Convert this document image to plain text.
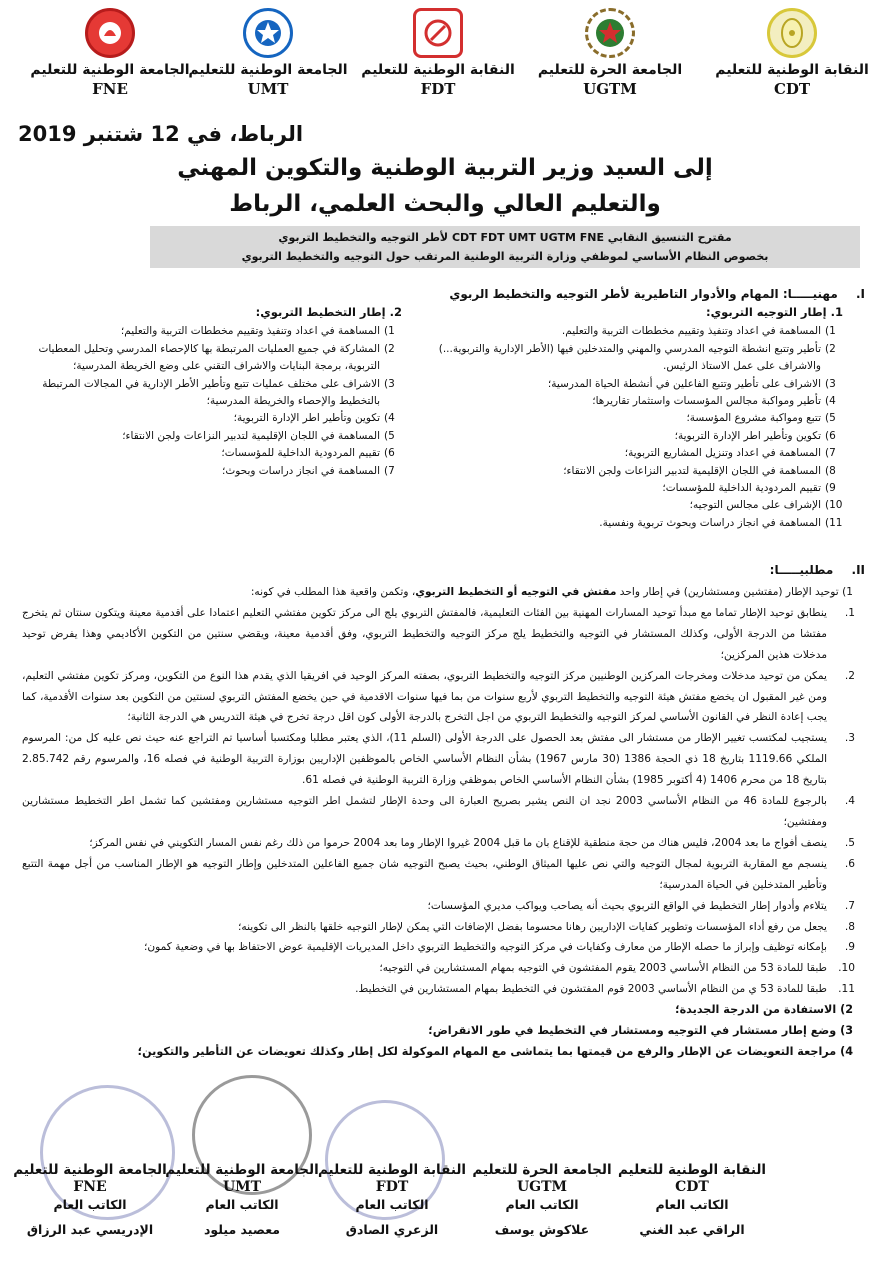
النقابة الوطنية للتعليم
CDT
الجامعة الحرة للتعليم
UGTM
النقابة الوطنية للتعليم
FDT
الجامعة الوطنية للتعليم
UMT
الجامعة الوطنية للتعليم
FNE
الرباط، في 12 شتنبر 2019
إلى السيد وزير التربية الوطنية والتكوين المهني
والتعليم العالي والبحث العلمي، الرباط
مقترح التنسيق النقابي CDT FDT UMT UGTM FNE لأطر التوجيه والتخطيط التربوي
بخصوص النظام الأساسي لموظفي وزارة التربية الوطنية المرتقب حول التوجيه والتخطيط التربوي
I. مهنيـــــا: المهام والأدوار التاطيرية لأطر التوجيه والتخطيط الربوي
1. إطار التوجيه التربوي:
1)
المساهمة في اعداد وتنفيذ وتقييم مخططات التربية والتعليم.
2)
تأطير وتتبع انشطة التوجيه المدرسي والمهني والمتدخلين فيها (الأطر الإدارية والتربوية...) والاشراف على عمل الاستاذ الرئيس.
3)
الاشراف على تأطير وتتبع الفاعلين في أنشطة الحياة المدرسية؛
4)
تأطير ومواكبة مجالس المؤسسات واستثمار تقاريرها؛
5)
تتبع ومواكبة مشروع المؤسسة؛
6)
تكوين وتأطير اطر الإدارة التربوية؛
7)
المساهمة في اعداد وتنزيل المشاريع التربوية؛
8)
المساهمة في اللجان الإقليمية لتدبير النزاعات ولجن الانتقاء؛
9)
تقييم المردودية الداخلية للمؤسسات؛
10)
الإشراف على مجالس التوجيه؛
11)
المساهمة في انجاز دراسات وبحوث تربوية ونفسية.
2. إطار التخطيط التربوي:
1)
المساهمة في اعداد وتنفيذ وتقييم مخططات التربية والتعليم؛
2)
المشاركة في جميع العمليات المرتبطة بها كالإحصاء المدرسي وتحليل المعطيات التربوية، برمجة البنايات والاشراف التقني على وضع الخريطة المدرسية؛
3)
الاشراف على مختلف عمليات تتبع وتأطير الأطر الإدارية في المجالات المرتبطة بالتخطيط والإحصاء والخريطة المدرسية؛
4)
تكوين وتأطير اطر الإدارة التربوية؛
5)
المساهمة في اللجان الإقليمية لتدبير النزاعات ولجن الانتقاء؛
6)
تقييم المردودية الداخلية للمؤسسات؛
7)
المساهمة في انجاز دراسات وبحوث؛
II. مطلبيـــــا:
1) توحيد الإطار (مفتشين ومستشارين) في إطار واحد مفتش في التوجيه أو التخطيط التربوي، وتكمن واقعية هذا المطلب في كونه:
1.
ينطابق توحيد الإطار تماما مع مبدأ توحيد المسارات المهنية بين الفئات التعليمية، فالمفتش التربوي يلج الى مركز تكوين مفتشي التعليم اعتمادا على أقدمية معينة ويتكون سنتان ثم يتخرج مفتشا من الدرجة الأولى، وكذلك المستشار في التوجيه والتخطيط يلج مركز التوجيه والتخطيط التربوي، وفق أقدمية معينة، ويقضي سنتين من التكوين الأكاديمي وهذا يفرض توحيد مدخلات هذين المركزين؛
2.
يمكن من توحيد مدخلات ومخرجات المركزين الوطنيين مركز التوجيه والتخطيط التربوي، بصفته المركز الوحيد في افريقيا الذي يقدم هذا النوع من التكوين، ومركز تكوين مفتشي التعليم، ومن غير المقبول ان يخضع مفتش هيئة التوجيه والتخطيط التربوي لأربع سنوات من بما فيها سنوات الاقدمية في حين يخضع المفتش التربوي لسنتين من التكوين بعد سنوات الأقدمية، كما يجب إعادة النظر في القانون الأساسي لمركز التوجيه والتخطيط التربوي من اجل التخرج بالدرجة الأولى كون اقل درجة تخرج في هيئة التدريس هي الدرجة الثانية؛
3.
يستجيب لمكتسب تغيير الإطار من مستشار الى مفتش بعد الحصول على الدرجة الأولى (السلم 11)، الذي يعتبر مطلبا ومكتسبا أساسيا تم التراجع عنه حيث نص عليه كل من: المرسوم الملكي 1119.66 بتاريخ 18 ذي الحجة 1386 (30 مارس 1967) بشأن النظام الأساسي الخاص بالموظفين الإداريين بوزارة التربية الوطنية في فصله 16، والمرسوم رقم 2.85.742 بتاريخ 18 من محرم 1406 (4 أكتوبر 1985) بشأن النظام الأساسي الخاص بموظفي وزارة التربية الوطنية في فصله 61.
4.
بالرجوع للمادة 46 من النظام الأساسي 2003 نجد ان النص يشير بصريح العبارة الى وحدة الإطار لتشمل اطر التوجيه مستشارين ومفتشين كما تشمل اطر التخطيط مستشارين ومفتشين؛
5.
ينصف أفواج ما بعد 2004، فليس هناك من حجة منطقية للإقناع بان ما قبل 2004 غيروا الإطار وما بعد 2004 حرموا من ذلك رغم نفس المسار التكويني في نفس المركز؛
6.
ينسجم مع المقاربة التربوية لمجال التوجيه والتي نص عليها الميثاق الوطني، بحيث يصبح التوجيه شان جميع الفاعلين المتدخلين وإطار التوجيه هو الإطار المناسب من أجل مهمة التتبع وتأطير المتدخلين في الحياة المدرسية؛
7.
يتلاءم وأدوار إطار التخطيط في الواقع التربوي بحيث أنه يصاحب ويواكب مديري المؤسسات؛
8.
يجعل من رفع أداء المؤسسات وتطوير كفايات الإداريين رهانا محسوما بفضل الإضافات التي يمكن لإطار التوجيه خلقها بالنظر الى تكوينه؛
9.
بإمكانه توظيف وإبراز ما حصله الإطار من معارف وكفايات في مركز التوجيه والتخطيط التربوي داخل المديريات الإقليمية عوض الاحتفاظ بها في وضعية كمون؛
10.
طبقا للمادة 53 من النظام الأساسي 2003 يقوم المفتشون في التوجيه بمهام المستشارين في التوجيه؛
11.
طبقا للمادة 53 ي من النظام الأساسي 2003 قوم المفتشون في التخطيط بمهام المستشارين في التخطيط.
2) الاستفادة من الدرجة الجديدة؛
3) وضع إطار مستشار في التوجيه ومستشار في التخطيط في طور الانقراض؛
4) مراجعة التعويضات عن الإطار والرفع من قيمتها بما يتماشى مع المهام الموكولة لكل إطار وكذلك تعويضات عن التأطير والتكوين؛
النقابة الوطنية للتعليم
CDT
الكاتب العام
الراقي عبد الغني
الجامعة الحرة للتعليم
UGTM
الكاتب العام
علاكوش يوسف
النقابة الوطنية للتعليم
FDT
الكاتب العام
الزعري الصادق
الجامعة الوطنية للتعليم
UMT
الكاتب العام
معصيد ميلود
الجامعة الوطنية للتعليم
FNE
الكاتب العام
الإدريسي عبد الرزاق
